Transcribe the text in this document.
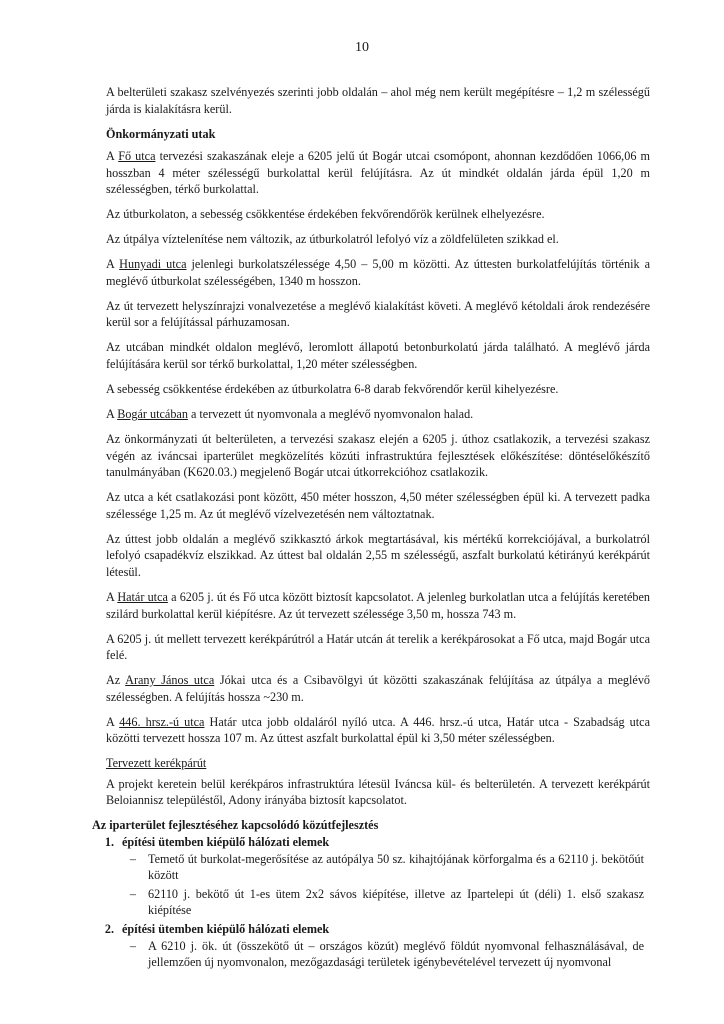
10

A belterületi szakasz szelvényezés szerinti jobb oldalán – ahol még nem került megépítésre – 1,2 m szélességű járda is kialakításra kerül.

Önkormányzati utak

A Fő utca tervezési szakaszának eleje a 6205 jelű út Bogár utcai csomópont, ahonnan kezdődően 1066,06 m hosszban 4 méter szélességű burkolattal kerül felújításra. Az út mindkét oldalán járda épül 1,20 m szélességben, térkő burkolattal.

Az útburkolaton, a sebesség csökkentése érdekében fekvőrendőrök kerülnek elhelyezésre.

Az útpálya víztelenítése nem változik, az útburkolatról lefolyó víz a zöldfelületen szikkad el.

A Hunyadi utca jelenlegi burkolatszélessége 4,50 – 5,00 m közötti. Az úttesten burkolatfelújítás történik a meglévő útburkolat szélességében, 1340 m hosszon.

Az út tervezett helyszínrajzi vonalvezetése a meglévő kialakítást követi. A meglévő kétoldali árok rendezésére kerül sor a felújítással párhuzamosan.

Az utcában mindkét oldalon meglévő, leromlott állapotú betonburkolatú járda található. A meglévő járda felújítására kerül sor térkő burkolattal, 1,20 méter szélességben.

A sebesség csökkentése érdekében az útburkolatra 6-8 darab fekvőrendőr kerül kihelyezésre.

A Bogár utcában a tervezett út nyomvonala a meglévő nyomvonalon halad.

Az önkormányzati út belterületen, a tervezési szakasz elején a 6205 j. úthoz csatlakozik, a tervezési szakasz végén az iváncsai iparterület megközelítés közúti infrastruktúra fejlesztések előkészítése: döntéselőkészítő tanulmányában (K620.03.) megjelenő Bogár utcai útkorrekcióhoz csatlakozik.

Az utca a két csatlakozási pont között, 450 méter hosszon, 4,50 méter szélességben épül ki. A tervezett padka szélessége 1,25 m. Az út meglévő vízelvezetésén nem változtatnak.

Az úttest jobb oldalán a meglévő szikkasztó árkok megtartásával, kis mértékű korrekciójával, a burkolatról lefolyó csapadékvíz elszikkad. Az úttest bal oldalán 2,55 m szélességű, aszfalt burkolatú kétirányú kerékpárút létesül.

A Határ utca a 6205 j. út és Fő utca között biztosít kapcsolatot. A jelenleg burkolatlan utca a felújítás keretében szilárd burkolattal kerül kiépítésre. Az út tervezett szélessége 3,50 m, hossza 743 m.

A 6205 j. út mellett tervezett kerékpárútról a Határ utcán át terelik a kerékpárosokat a Fő utca, majd Bogár utca felé.

Az Arany János utca Jókai utca és a Csibavölgyi út közötti szakaszának felújítása az útpálya a meglévő szélességben. A felújítás hossza ~230 m.

A 446. hrsz.-ú utca Határ utca jobb oldaláról nyíló utca. A 446. hrsz.-ú utca, Határ utca - Szabadság utca közötti tervezett hossza 107 m. Az úttest aszfalt burkolattal épül ki 3,50 méter szélességben.

Tervezett kerékpárút

A projekt keretein belül kerékpáros infrastruktúra létesül Iváncsa kül- és belterületén. A tervezett kerékpárút Beloiannisz településtől, Adony irányába biztosít kapcsolatot.

Az iparterület fejlesztéséhez kapcsolódó közútfejlesztés
1. építési ütemben kiépülő hálózati elemek
– Temető út burkolat-megerősítése az autópálya 50 sz. kihajtójának körforgalma és a 62110 j. bekötőút között
– 62110 j. bekötő út 1-es ütem 2x2 sávos kiépítése, illetve az Ipartelepi út (déli) 1. első szakasz kiépítése
2. építési ütemben kiépülő hálózati elemek
– A 6210 j. ök. út (összekötő út – országos közút) meglévő földút nyomvonal felhasználásával, de jellemzően új nyomvonalon, mezőgazdasági területek igénybevételével tervezett új nyomvonal
